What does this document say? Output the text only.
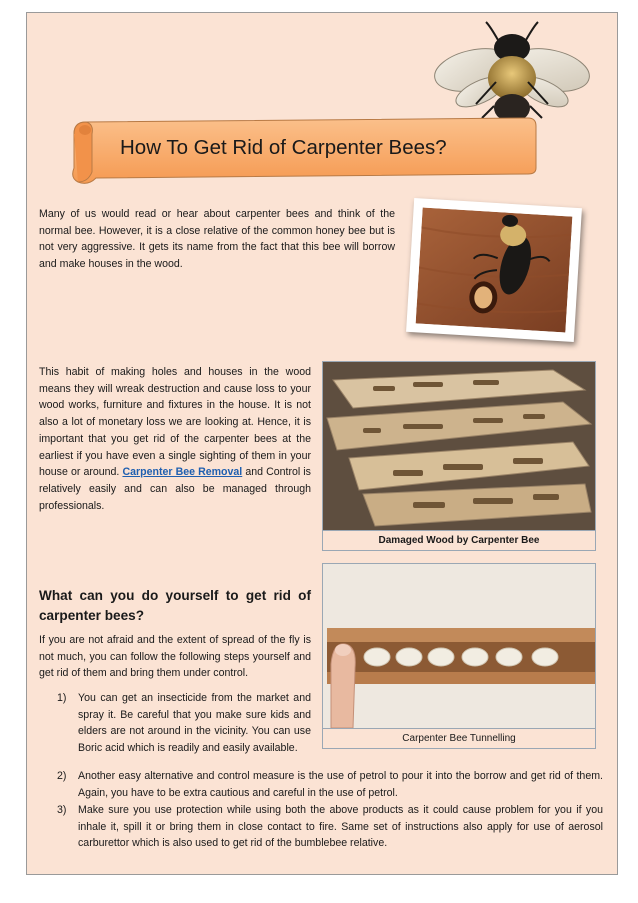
How To Get Rid of Carpenter Bees?
Many of us would read or hear about carpenter bees and think of the normal bee. However, it is a close relative of the common honey bee but is not very aggressive. It gets its name from the fact that this bee will borrow and make houses in the wood.
This habit of making holes and houses in the wood means they will wreak destruction and cause loss to your wood works, furniture and fixtures in the house. It is not also a lot of monetary loss we are looking at. Hence, it is important that you get rid of the carpenter bees at the earliest if you have even a single sighting of them in your house or around. Carpenter Bee Removal and Control is relatively easily and can also be managed through professionals.
Damaged Wood by Carpenter Bee
What can you do yourself to get rid of carpenter bees?
If you are not afraid and the extent of spread of the fly is not much, you can follow the following steps yourself and get rid of them and bring them under control.
Carpenter Bee Tunnelling
1) You can get an insecticide from the market and spray it. Be careful that you make sure kids and elders are not around in the vicinity. You can use Boric acid which is readily and easily available.
2) Another easy alternative and control measure is the use of petrol to pour it into the borrow and get rid of them. Again, you have to be extra cautious and careful in the use of petrol.
3) Make sure you use protection while using both the above products as it could cause problem for you if you inhale it, spill it or bring them in close contact to fire. Same set of instructions also apply for use of aerosol carburettor which is also used to get rid of the bumblebee relative.
